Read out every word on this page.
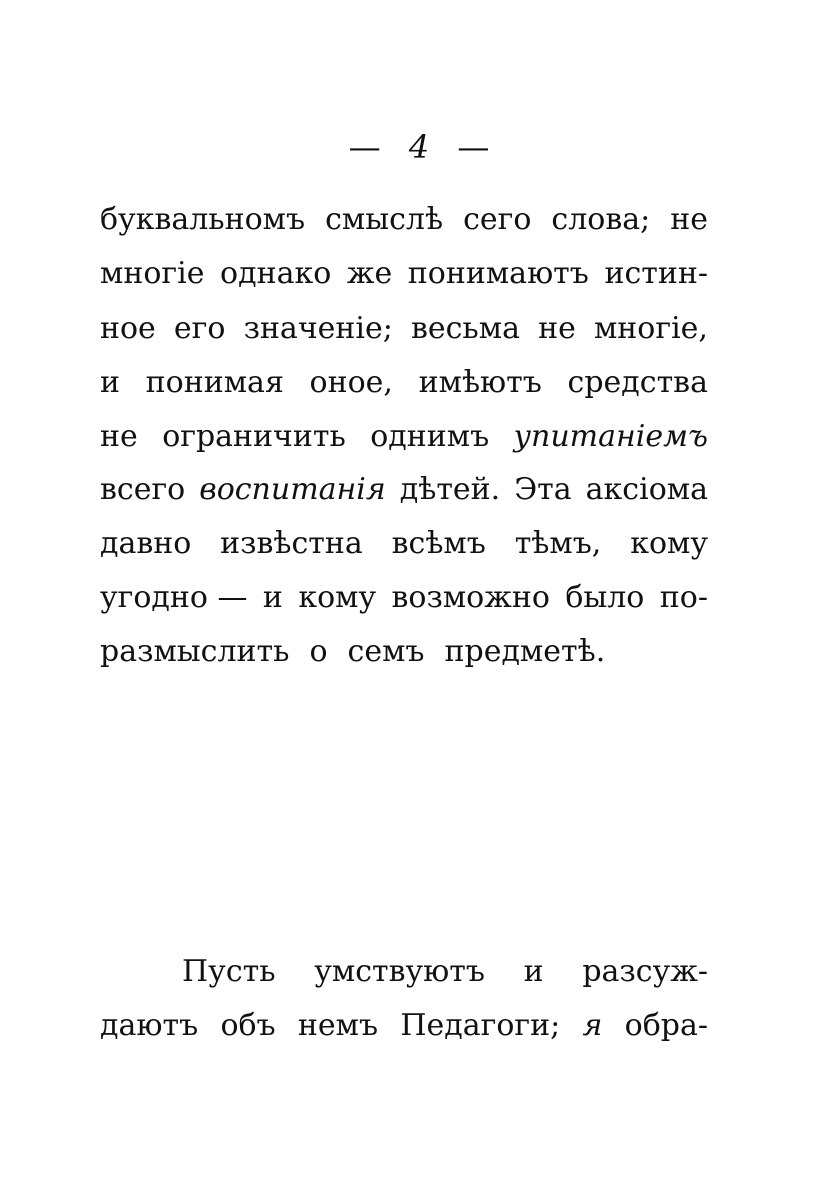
— 4 —
буквальномъ смыслѣ сего слова; не
многіе однако же понимаютъ истин-
ное его значеніе; весьма не многіе,
и понимая оное, имѣютъ средства
не ограничить однимъ упитаніемъ
всего воспитанія дѣтей. Эта аксіома
давно извѣстна всѣмъ тѣмъ, кому
угодно — и кому возможно было по-
размыслить о семъ предметѣ.
Пусть умствуютъ и разсуж-
даютъ объ немъ Педагоги; я обра-
